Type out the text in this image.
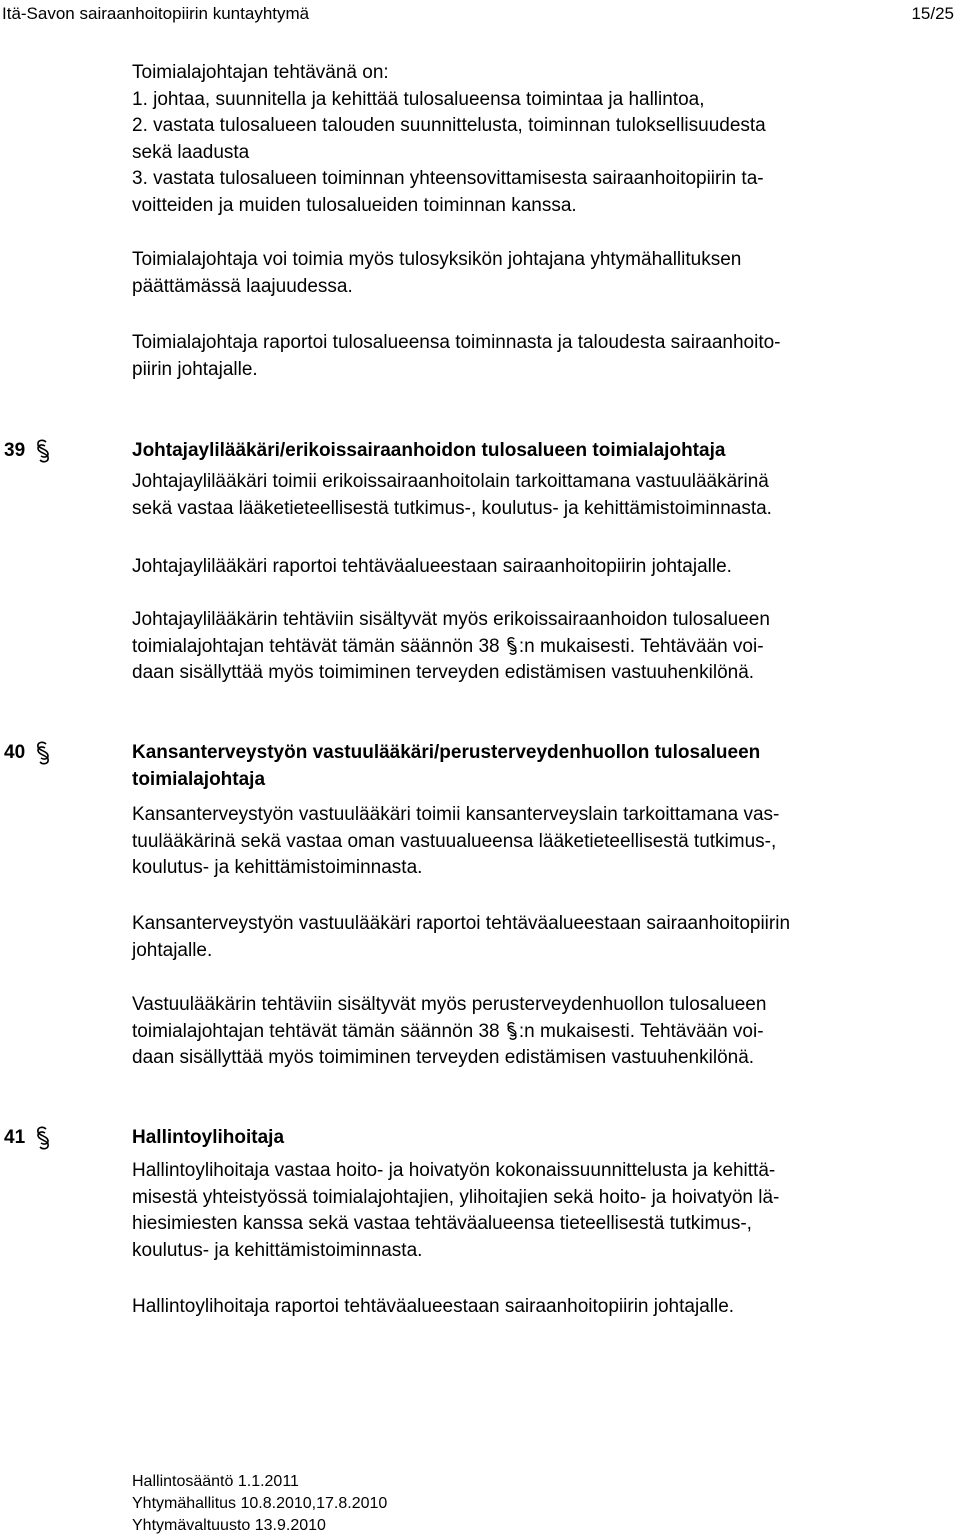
Itä-Savon sairaanhoitopiirin kuntayhtymä	15/25
Toimialajohtajan tehtävänä on:
1. johtaa, suunnitella ja kehittää tulosalueensa toimintaa ja hallintoa,
2. vastata tulosalueen talouden suunnittelusta, toiminnan tuloksellisuudesta
sekä laadusta
3. vastata tulosalueen toiminnan yhteensovittamisesta sairaanhoitopiirin ta-
voitteiden ja muiden tulosalueiden toiminnan kanssa.
Toimialajohtaja voi toimia myös tulosyksikön johtajana yhtymähallituksen
päättämässä laajuudessa.
Toimialajohtaja raportoi tulosalueensa toiminnasta ja taloudesta sairaanhoito-
piirin johtajalle.
39	Johtajaylilääkäri/erikoissairaanhoidon tulosalueen toimialajohtaja
Johtajaylilääkäri toimii erikoissairaanhoitolain tarkoittamana vastuulääkärinä
sekä vastaa lääketieteellisestä tutkimus-, koulutus- ja kehittämistoiminnasta.
Johtajaylilääkäri raportoi tehtäväalueestaan sairaanhoitopiirin johtajalle.
Johtajaylilääkärin tehtäviin sisältyvät myös erikoissairaanhoidon tulosalueen
toimialajohtajan tehtävät tämän säännön 38 :n mukaisesti. Tehtävään voi-
daan sisällyttää myös toimiminen terveyden edistämisen vastuuhenkilönä.
40	Kansanterveystyön vastuulääkäri/perusterveydenhuollon tulosalueen
toimialajohtaja
Kansanterveystyön vastuulääkäri toimii kansanterveyslain tarkoittamana vas-
tuulääkärinä sekä vastaa oman vastuualueensa lääketieteellisestä tutkimus-,
koulutus- ja kehittämistoiminnasta.
Kansanterveystyön vastuulääkäri raportoi tehtäväalueestaan sairaanhoitopiirin
johtajalle.
Vastuulääkärin tehtäviin sisältyvät myös perusterveydenhuollon tulosalueen
toimialajohtajan tehtävät tämän säännön 38 :n mukaisesti. Tehtävään voi-
daan sisällyttää myös toimiminen terveyden edistämisen vastuuhenkilönä.
41	Hallintoylihoitaja
Hallintoylihoitaja vastaa hoito- ja hoivatyön kokonaissuunnittelusta ja kehittä-
misestä yhteistyössä toimialajohtajien, ylihoitajien sekä hoito- ja hoivatyön lä-
hiesimiesten kanssa sekä vastaa tehtäväalueensa tieteellisestä tutkimus-,
koulutus- ja kehittämistoiminnasta.
Hallintoylihoitaja raportoi tehtäväalueestaan sairaanhoitopiirin johtajalle.
Hallintosääntö 1.1.2011
Yhtymähallitus 10.8.2010,17.8.2010
Yhtymävaltuusto 13.9.2010
